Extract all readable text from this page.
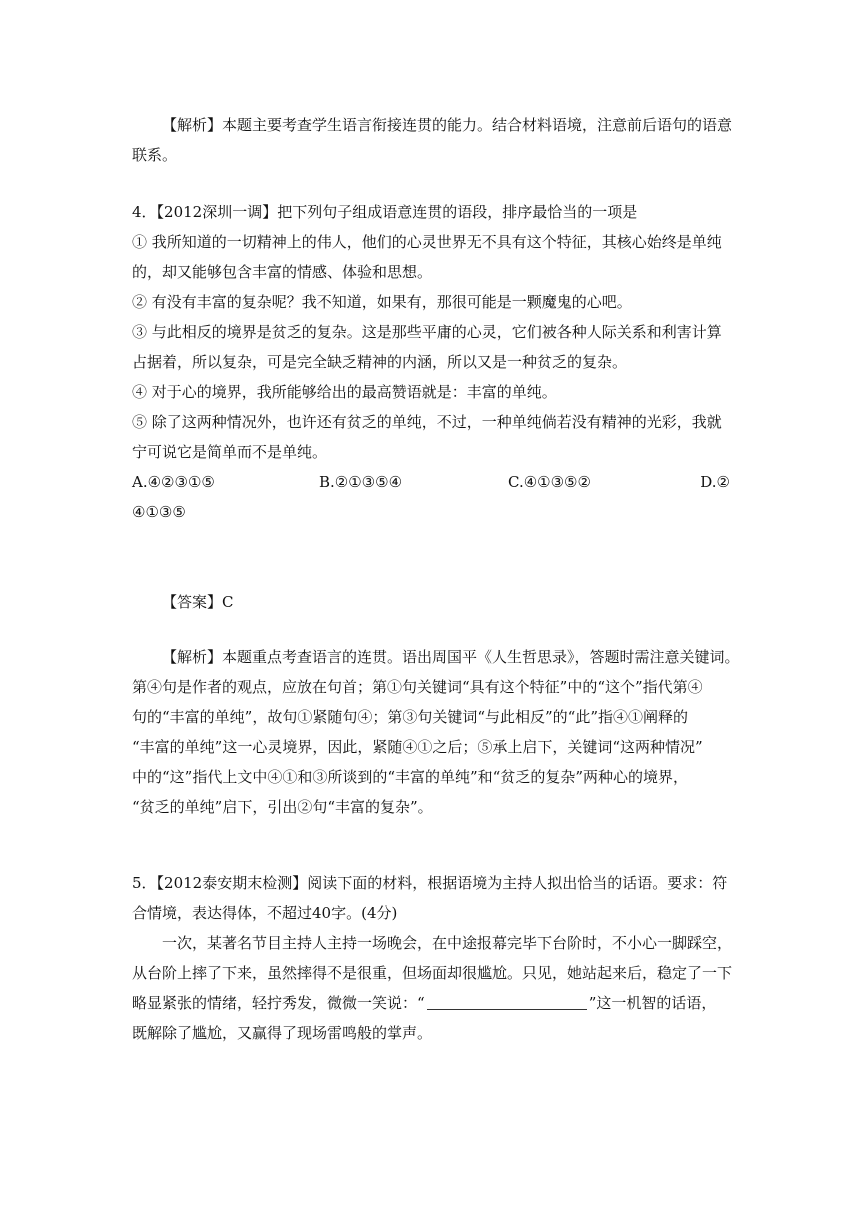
【解析】本题主要考查学生语言衔接连贯的能力。结合材料语境，注意前后语句的语意
联系。
4．【2012深圳一调】把下列句子组成语意连贯的语段，排序最恰当的一项是
① 我所知道的一切精神上的伟人，他们的心灵世界无不具有这个特征，其核心始终是单纯
的，却又能够包含丰富的情感、体验和思想。
② 有没有丰富的复杂呢？我不知道，如果有，那很可能是一颗魔鬼的心吧。
③ 与此相反的境界是贫乏的复杂。这是那些平庸的心灵，它们被各种人际关系和利害计算
占据着，所以复杂，可是完全缺乏精神的内涵，所以又是一种贫乏的复杂。
④ 对于心的境界，我所能够给出的最高赞语就是：丰富的单纯。
⑤ 除了这两种情况外，也许还有贫乏的单纯，不过，一种单纯倘若没有精神的光彩，我就
宁可说它是简单而不是单纯。
A.④②③①⑤	B.②①③⑤④	C.④①③⑤②	D.②
④①③⑤
【答案】C
【解析】本题重点考查语言的连贯。语出周国平《人生哲思录》，答题时需注意关键词。
第④句是作者的观点，应放在句首；第①句关键词“具有这个特征”中的“这个”指代第④
句的“丰富的单纯”，故句①紧随句④；第③句关键词“与此相反”的“此”指④①阐释的
“丰富的单纯”这一心灵境界，因此，紧随④①之后；⑤承上启下，关键词“这两种情况”
中的“这”指代上文中④①和③所谈到的“丰富的单纯”和“贫乏的复杂”两种心的境界，
“贫乏的单纯”启下，引出②句“丰富的复杂”。
5．【2012泰安期末检测】阅读下面的材料，根据语境为主持人拟出恰当的话语。要求：符
合情境，表达得体，不超过40字。(4分)
一次，某著名节目主持人主持一场晚会，在中途报幕完毕下台阶时，不小心一脚踩空，
从台阶上摔了下来，虽然摔得不是很重，但场面却很尴尬。只见，她站起来后，稳定了一下
略显紧张的情绪，轻拧秀发，微微一笑说：“	”这一机智的话语，
既解除了尴尬，又赢得了现场雷鸣般的掌声。
